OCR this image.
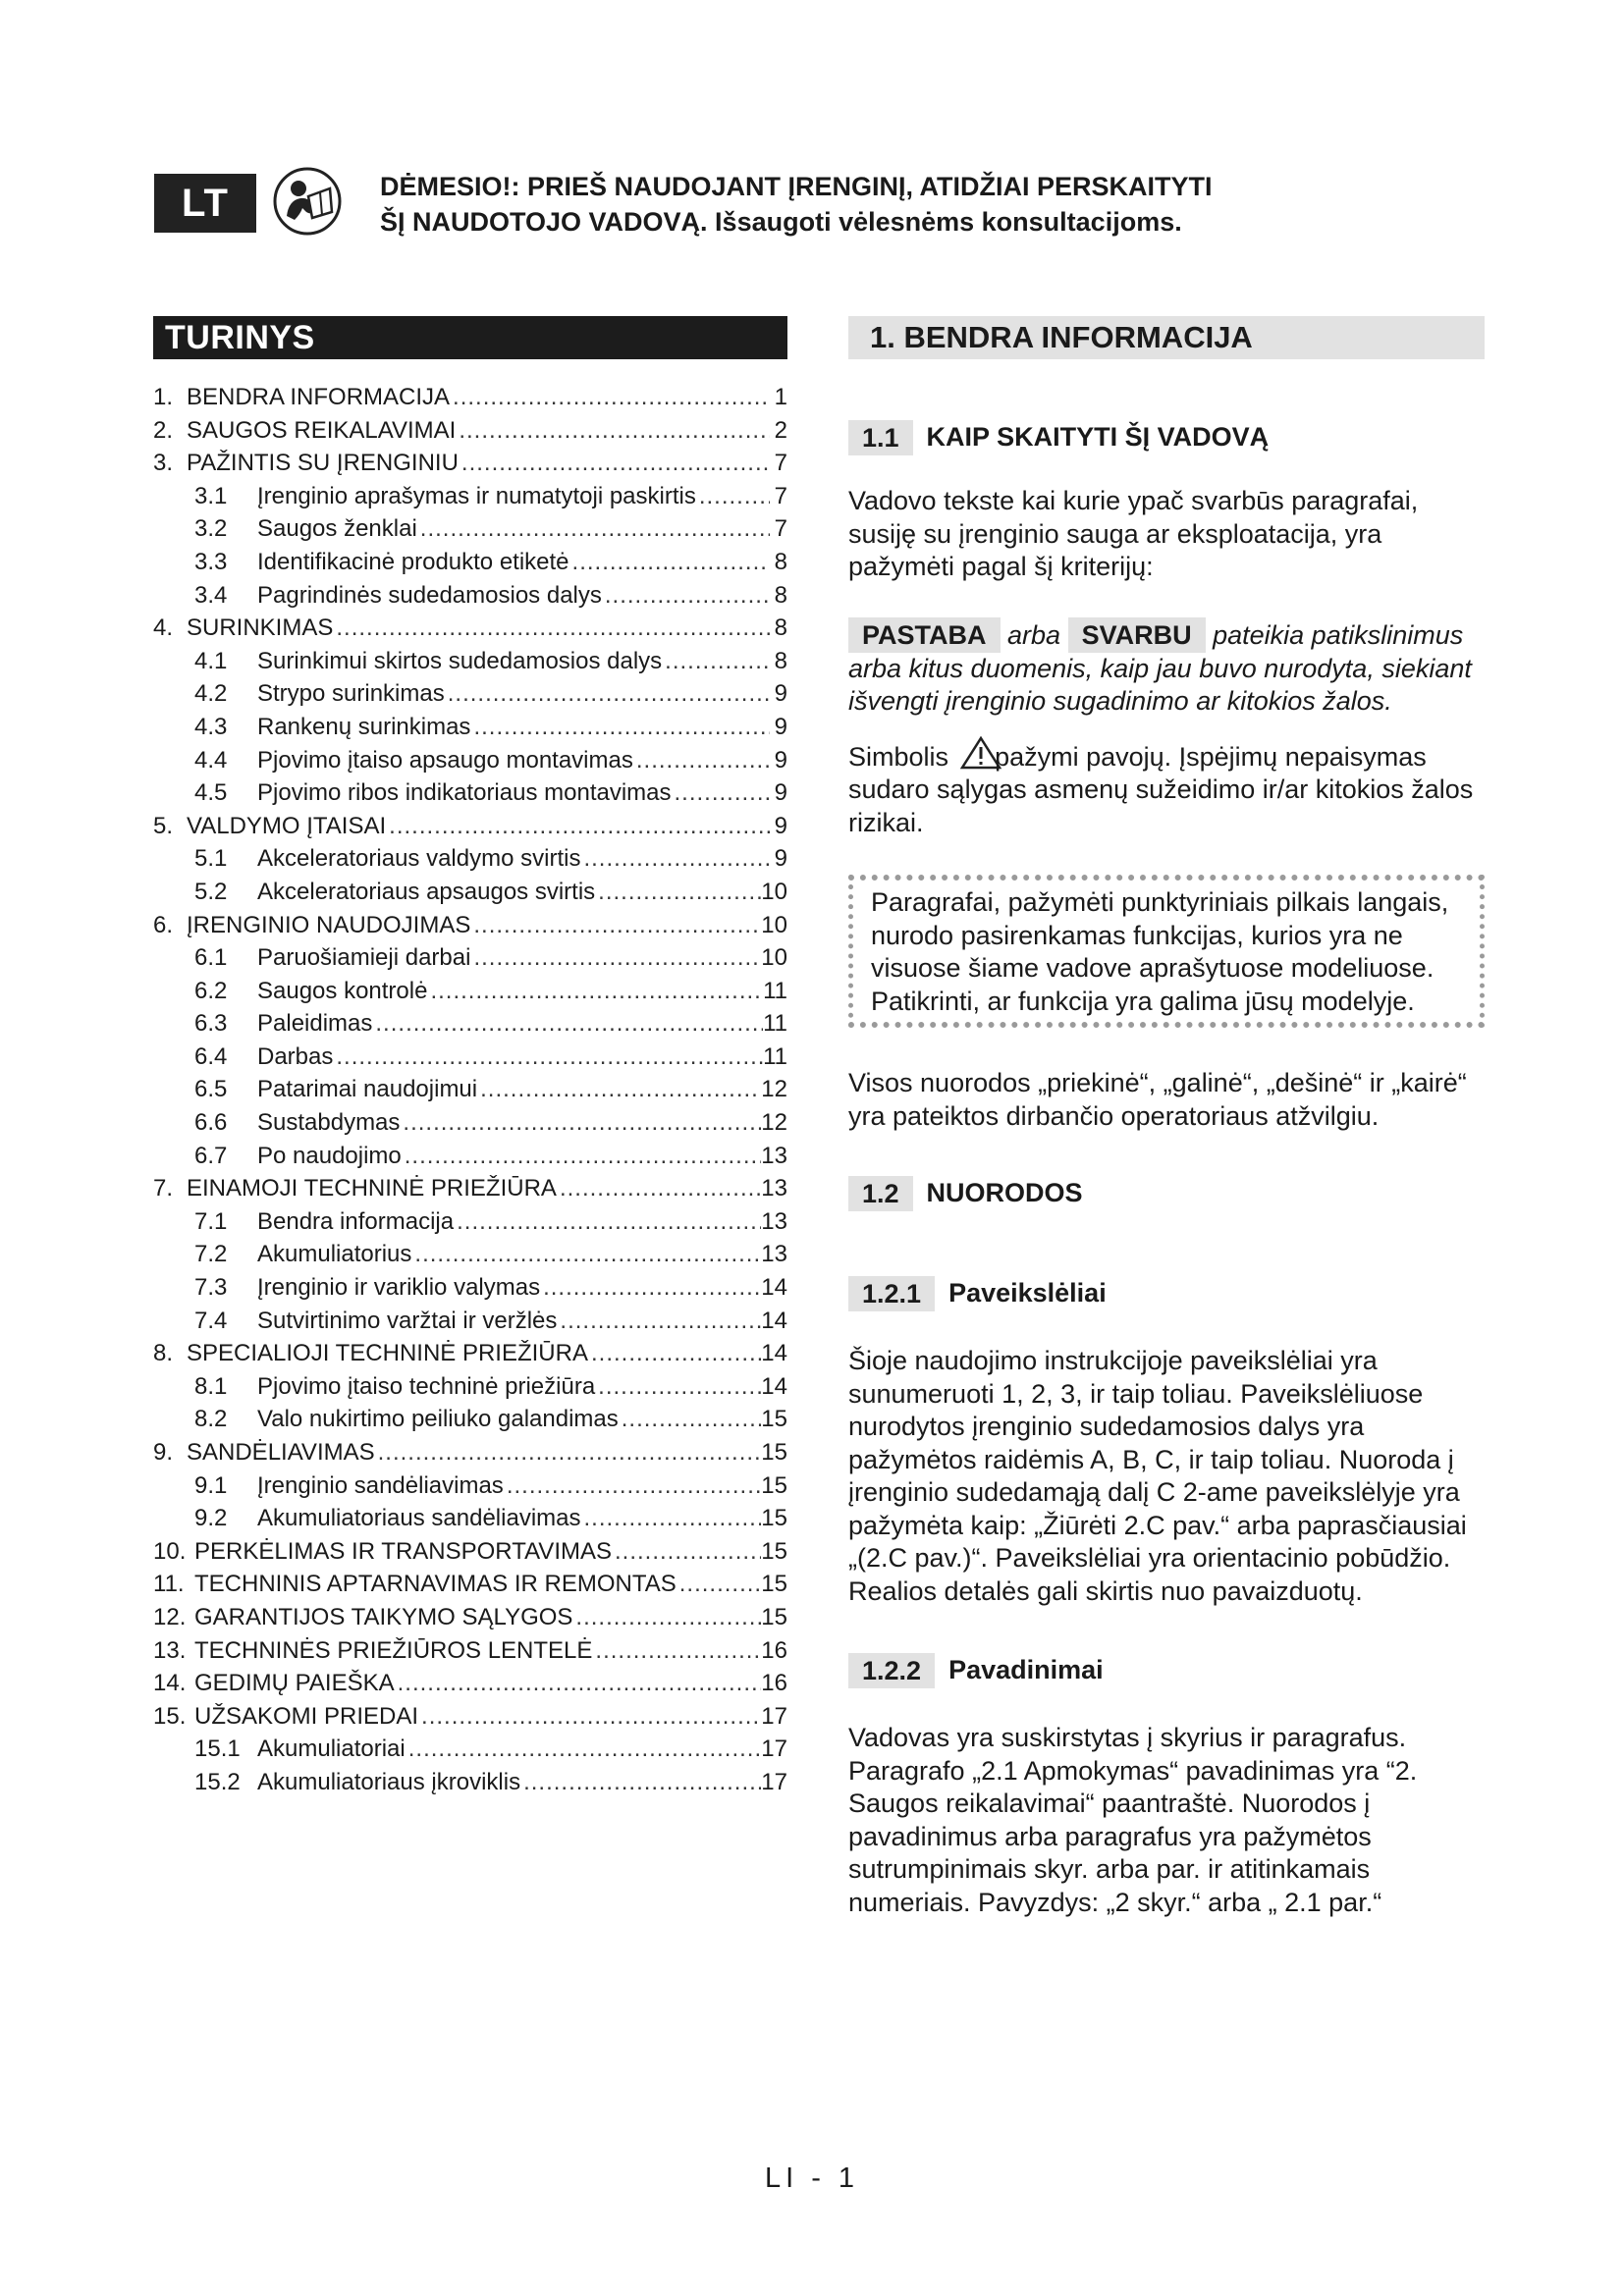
LT	DĖMESIO!: PRIEŠ NAUDOJANT ĮRENGINĮ, ATIDŽIAI PERSKAITYTI
ŠĮ NAUDOTOJO VADOVĄ. Išsaugoti vėlesnėms konsultacijoms.
TURINYS
1. BENDRA INFORMACIJA .....	1
2. SAUGOS REIKALAVIMAI .....	2
3. PAŽINTIS SU ĮRENGINIU .....	7
3.1	Įrenginio aprašymas ir numatytoji paskirtis .....	7
3.2	Saugos ženklai .....	7
3.3	Identifikacinė produkto etiketė .....	8
3.4	Pagrindinės sudedamosios dalys .....	8
4. SURINKIMAS .....	8
4.1	Surinkimui skirtos sudedamosios dalys .....	8
4.2	Strypo surinkimas .....	9
4.3	Rankenų surinkimas .....	9
4.4	Pjovimo įtaiso apsaugo montavimas .....	9
4.5	Pjovimo ribos indikatoriaus montavimas .....	9
5. VALDYMO ĮTAISAI .....	9
5.1	Akceleratoriaus valdymo svirtis .....	9
5.2	Akceleratoriaus apsaugos svirtis .....	10
6. ĮRENGINIO NAUDOJIMAS .....	10
6.1	Paruošiamieji darbai .....	10
6.2	Saugos kontrolė .....	11
6.3	Paleidimas .....	11
6.4	Darbas .....	11
6.5	Patarimai naudojimui .....	12
6.6	Sustabdymas .....	12
6.7	Po naudojimo .....	13
7. EINAMOJI TECHNINĖ PRIEŽIŪRA .....	13
7.1	Bendra informacija .....	13
7.2	Akumuliatorius .....	13
7.3	Įrenginio ir variklio valymas .....	14
7.4	Sutvirtinimo varžtai ir veržlės .....	14
8. SPECIALIOJI TECHNINĖ PRIEŽIŪRA .....	14
8.1	Pjovimo įtaiso techninė priežiūra .....	14
8.2	Valo nukirtimo peiliuko galandimas .....	15
9. SANDĖLIAVIMAS .....	15
9.1	Įrenginio sandėliavimas .....	15
9.2	Akumuliatoriaus sandėliavimas .....	15
10. PERKĖLIMAS IR TRANSPORTAVIMAS .....	15
11. TECHNINIS APTARNAVIMAS IR REMONTAS .....	15
12. GARANTIJOS TAIKYMO SĄLYGOS .....	15
13. TECHNINĖS PRIEŽIŪROS LENTELĖ .....	16
14. GEDIMŲ PAIEŠKA .....	16
15. UŽSAKOMI PRIEDAI .....	17
15.1 Akumuliatoriai .....	17
15.2 Akumuliatoriaus įkroviklis .....	17
1. BENDRA INFORMACIJA
1.1	KAIP SKAITYTI ŠĮ VADOVĄ

Vadovo tekste kai kurie ypač svarbūs paragrafai, susiję su įrenginio sauga ar eksploatacija, yra pažymėti pagal šį kriterijų:

PASTABA arba SVARBU pateikia patikslinimus arba kitus duomenis, kaip jau buvo nurodyta, siekiant išvengti įrenginio sugadinimo ar kitokios žalos.

Simbolis pažymi pavojų. Įspėjimų nepaisymas sudaro sąlygas asmenų sužeidimo ir/ar kitokios žalos rizikai.

Paragrafai, pažymėti punktyriniais pilkais langais, nurodo pasirenkamas funkcijas, kurios yra ne visuose šiame vadove aprašytuose modeliuose. Patikrinti, ar funkcija yra galima jūsų modelyje.

Visos nuorodos „priekinė“, „galinė“, „dešinė“ ir „kairė“ yra pateiktos dirbančio operatoriaus atžvilgiu.

1.2	NUORODOS
1.2.1	Paveikslėliai

Šioje naudojimo instrukcijoje paveikslėliai yra sunumeruoti 1, 2, 3, ir taip toliau. Paveikslėliuose nurodytos įrenginio sudedamosios dalys yra pažymėtos raidėmis A, B, C, ir taip toliau. Nuoroda į įrenginio sudedamąją dalį C 2-ame paveikslėlyje yra pažymėta kaip: „Žiūrėti 2.C pav.“ arba paprasčiausiai „(2.C pav.)“. Paveikslėliai yra orientacinio pobūdžio. Realios detalės gali skirtis nuo pavaizduotų.

1.2.2	Pavadinimai

Vadovas yra suskirstytas į skyrius ir paragrafus. Paragrafo „2.1 Apmokymas“ pavadinimas yra “2. Saugos reikalavimai“ paantraštė. Nuorodos į pavadinimus arba paragrafus yra pažymėtos sutrumpinimais skyr. arba par. ir atitinkamais numeriais. Pavyzdys: „2 skyr.“ arba „ 2.1 par.“

LI - 1
